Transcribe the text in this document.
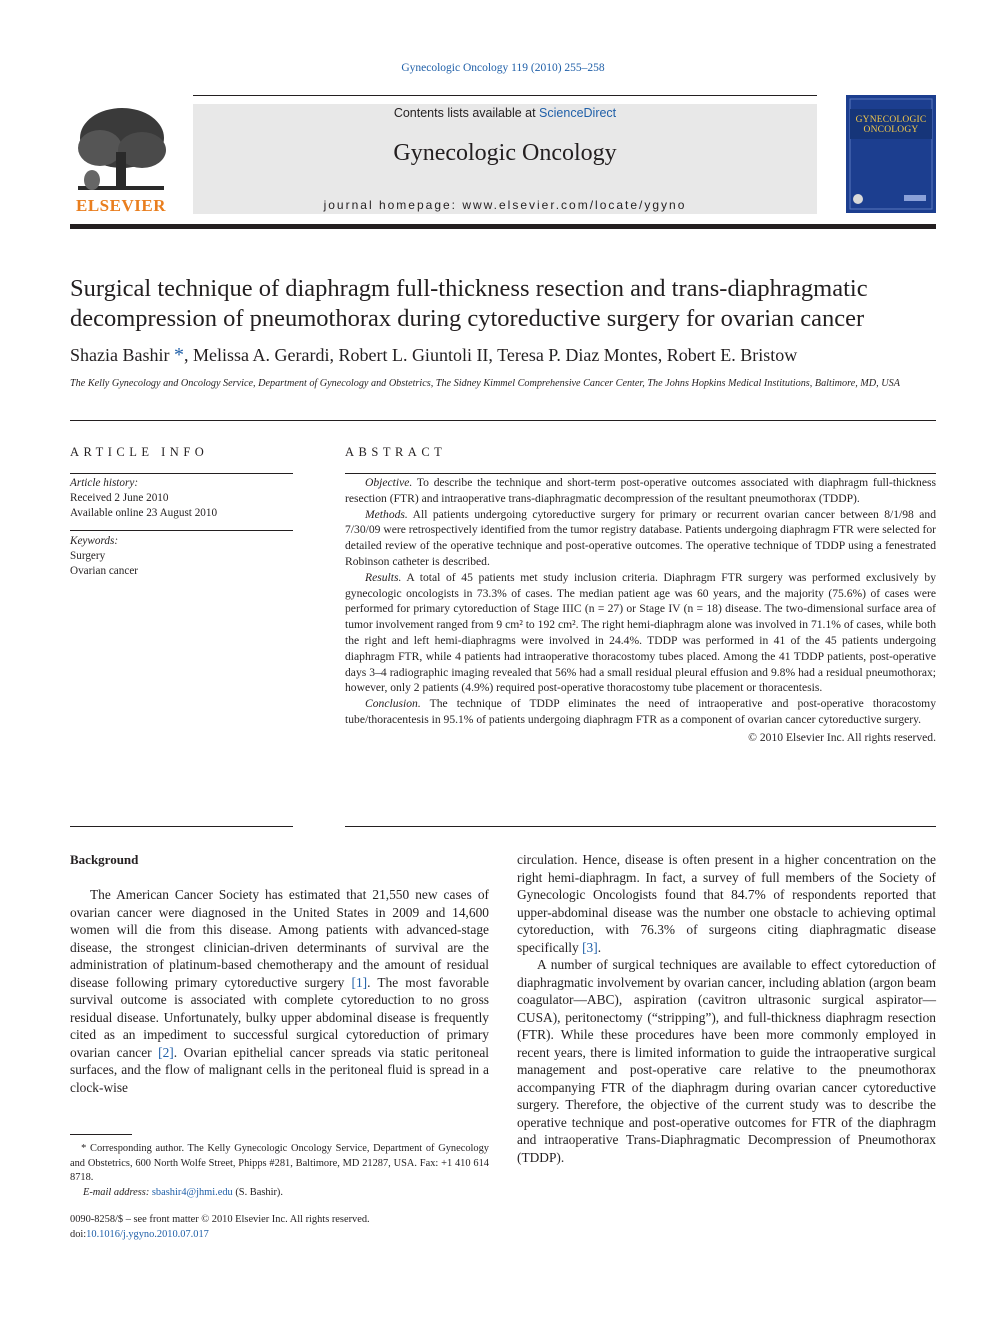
Gynecologic Oncology 119 (2010) 255–258
ELSEVIER
Contents lists available at ScienceDirect
Gynecologic Oncology
journal homepage: www.elsevier.com/locate/ygyno
GYNECOLOGIC
ONCOLOGY
Surgical technique of diaphragm full-thickness resection and trans-diaphragmatic decompression of pneumothorax during cytoreductive surgery for ovarian cancer
Shazia Bashir *, Melissa A. Gerardi, Robert L. Giuntoli II, Teresa P. Diaz Montes, Robert E. Bristow
The Kelly Gynecology and Oncology Service, Department of Gynecology and Obstetrics, The Sidney Kimmel Comprehensive Cancer Center, The Johns Hopkins Medical Institutions, Baltimore, MD, USA
ARTICLE INFO	ABSTRACT
Article history:
Received 2 June 2010
Available online 23 August 2010
Keywords:
Surgery
Ovarian cancer

Objective. To describe the technique and short-term post-operative outcomes associated with diaphragm full-thickness resection (FTR) and intraoperative trans-diaphragmatic decompression of the resultant pneumothorax (TDDP).

Methods. All patients undergoing cytoreductive surgery for primary or recurrent ovarian cancer between 8/1/98 and 7/30/09 were retrospectively identified from the tumor registry database. Patients undergoing diaphragm FTR were selected for detailed review of the operative technique and post-operative outcomes. The operative technique of TDDP using a fenestrated Robinson catheter is described.

Results. A total of 45 patients met study inclusion criteria. Diaphragm FTR surgery was performed exclusively by gynecologic oncologists in 73.3% of cases. The median patient age was 60 years, and the majority (75.6%) of cases were performed for primary cytoreduction of Stage IIIC (n = 27) or Stage IV (n = 18) disease. The two-dimensional surface area of tumor involvement ranged from 9 cm² to 192 cm². The right hemi-diaphragm alone was involved in 71.1% of cases, while both the right and left hemi-diaphragms were involved in 24.4%. TDDP was performed in 41 of the 45 patients undergoing diaphragm FTR, while 4 patients had intraoperative thoracostomy tubes placed. Among the 41 TDDP patients, post-operative days 3–4 radiographic imaging revealed that 56% had a small residual pleural effusion and 9.8% had a residual pneumothorax; however, only 2 patients (4.9%) required post-operative thoracostomy tube placement or thoracentesis.

Conclusion. The technique of TDDP eliminates the need of intraoperative and post-operative thoracostomy tube/thoracentesis in 95.1% of patients undergoing diaphragm FTR as a component of ovarian cancer cytoreductive surgery.

© 2010 Elsevier Inc. All rights reserved.

Background

The American Cancer Society has estimated that 21,550 new cases of ovarian cancer were diagnosed in the United States in 2009 and 14,600 women will die from this disease. Among patients with advanced-stage disease, the strongest clinician-driven determinants of survival are the administration of platinum-based chemotherapy and the amount of residual disease following primary cytoreductive surgery [1]. The most favorable survival outcome is associated with complete cytoreduction to no gross residual disease. Unfortunately, bulky upper abdominal disease is frequently cited as an impediment to successful surgical cytoreduction of primary ovarian cancer [2]. Ovarian epithelial cancer spreads via static peritoneal surfaces, and the flow of malignant cells in the peritoneal fluid is spread in a clock-wise

circulation. Hence, disease is often present in a higher concentration on the right hemi-diaphragm. In fact, a survey of full members of the Society of Gynecologic Oncologists found that 84.7% of respondents reported that upper-abdominal disease was the number one obstacle to achieving optimal cytoreduction, with 76.3% of surgeons citing diaphragmatic disease specifically [3].

A number of surgical techniques are available to effect cytoreduction of diaphragmatic involvement by ovarian cancer, including ablation (argon beam coagulator—ABC), aspiration (cavitron ultrasonic surgical aspirator—CUSA), peritonectomy (“stripping”), and full-thickness diaphragm resection (FTR). While these procedures have been more commonly employed in recent years, there is limited information to guide the intraoperative surgical management and post-operative care relative to the pneumothorax accompanying FTR of the diaphragm during ovarian cancer cytoreductive surgery. Therefore, the objective of the current study was to describe the operative technique and post-operative outcomes for FTR of the diaphragm and intraoperative Trans-Diaphragmatic Decompression of Pneumothorax (TDDP).

* Corresponding author. The Kelly Gynecologic Oncology Service, Department of Gynecology and Obstetrics, 600 North Wolfe Street, Phipps #281, Baltimore, MD 21287, USA. Fax: +1 410 614 8718.

E-mail address: sbashir4@jhmi.edu (S. Bashir).

0090-8258/$ – see front matter © 2010 Elsevier Inc. All rights reserved.
doi:10.1016/j.ygyno.2010.07.017
